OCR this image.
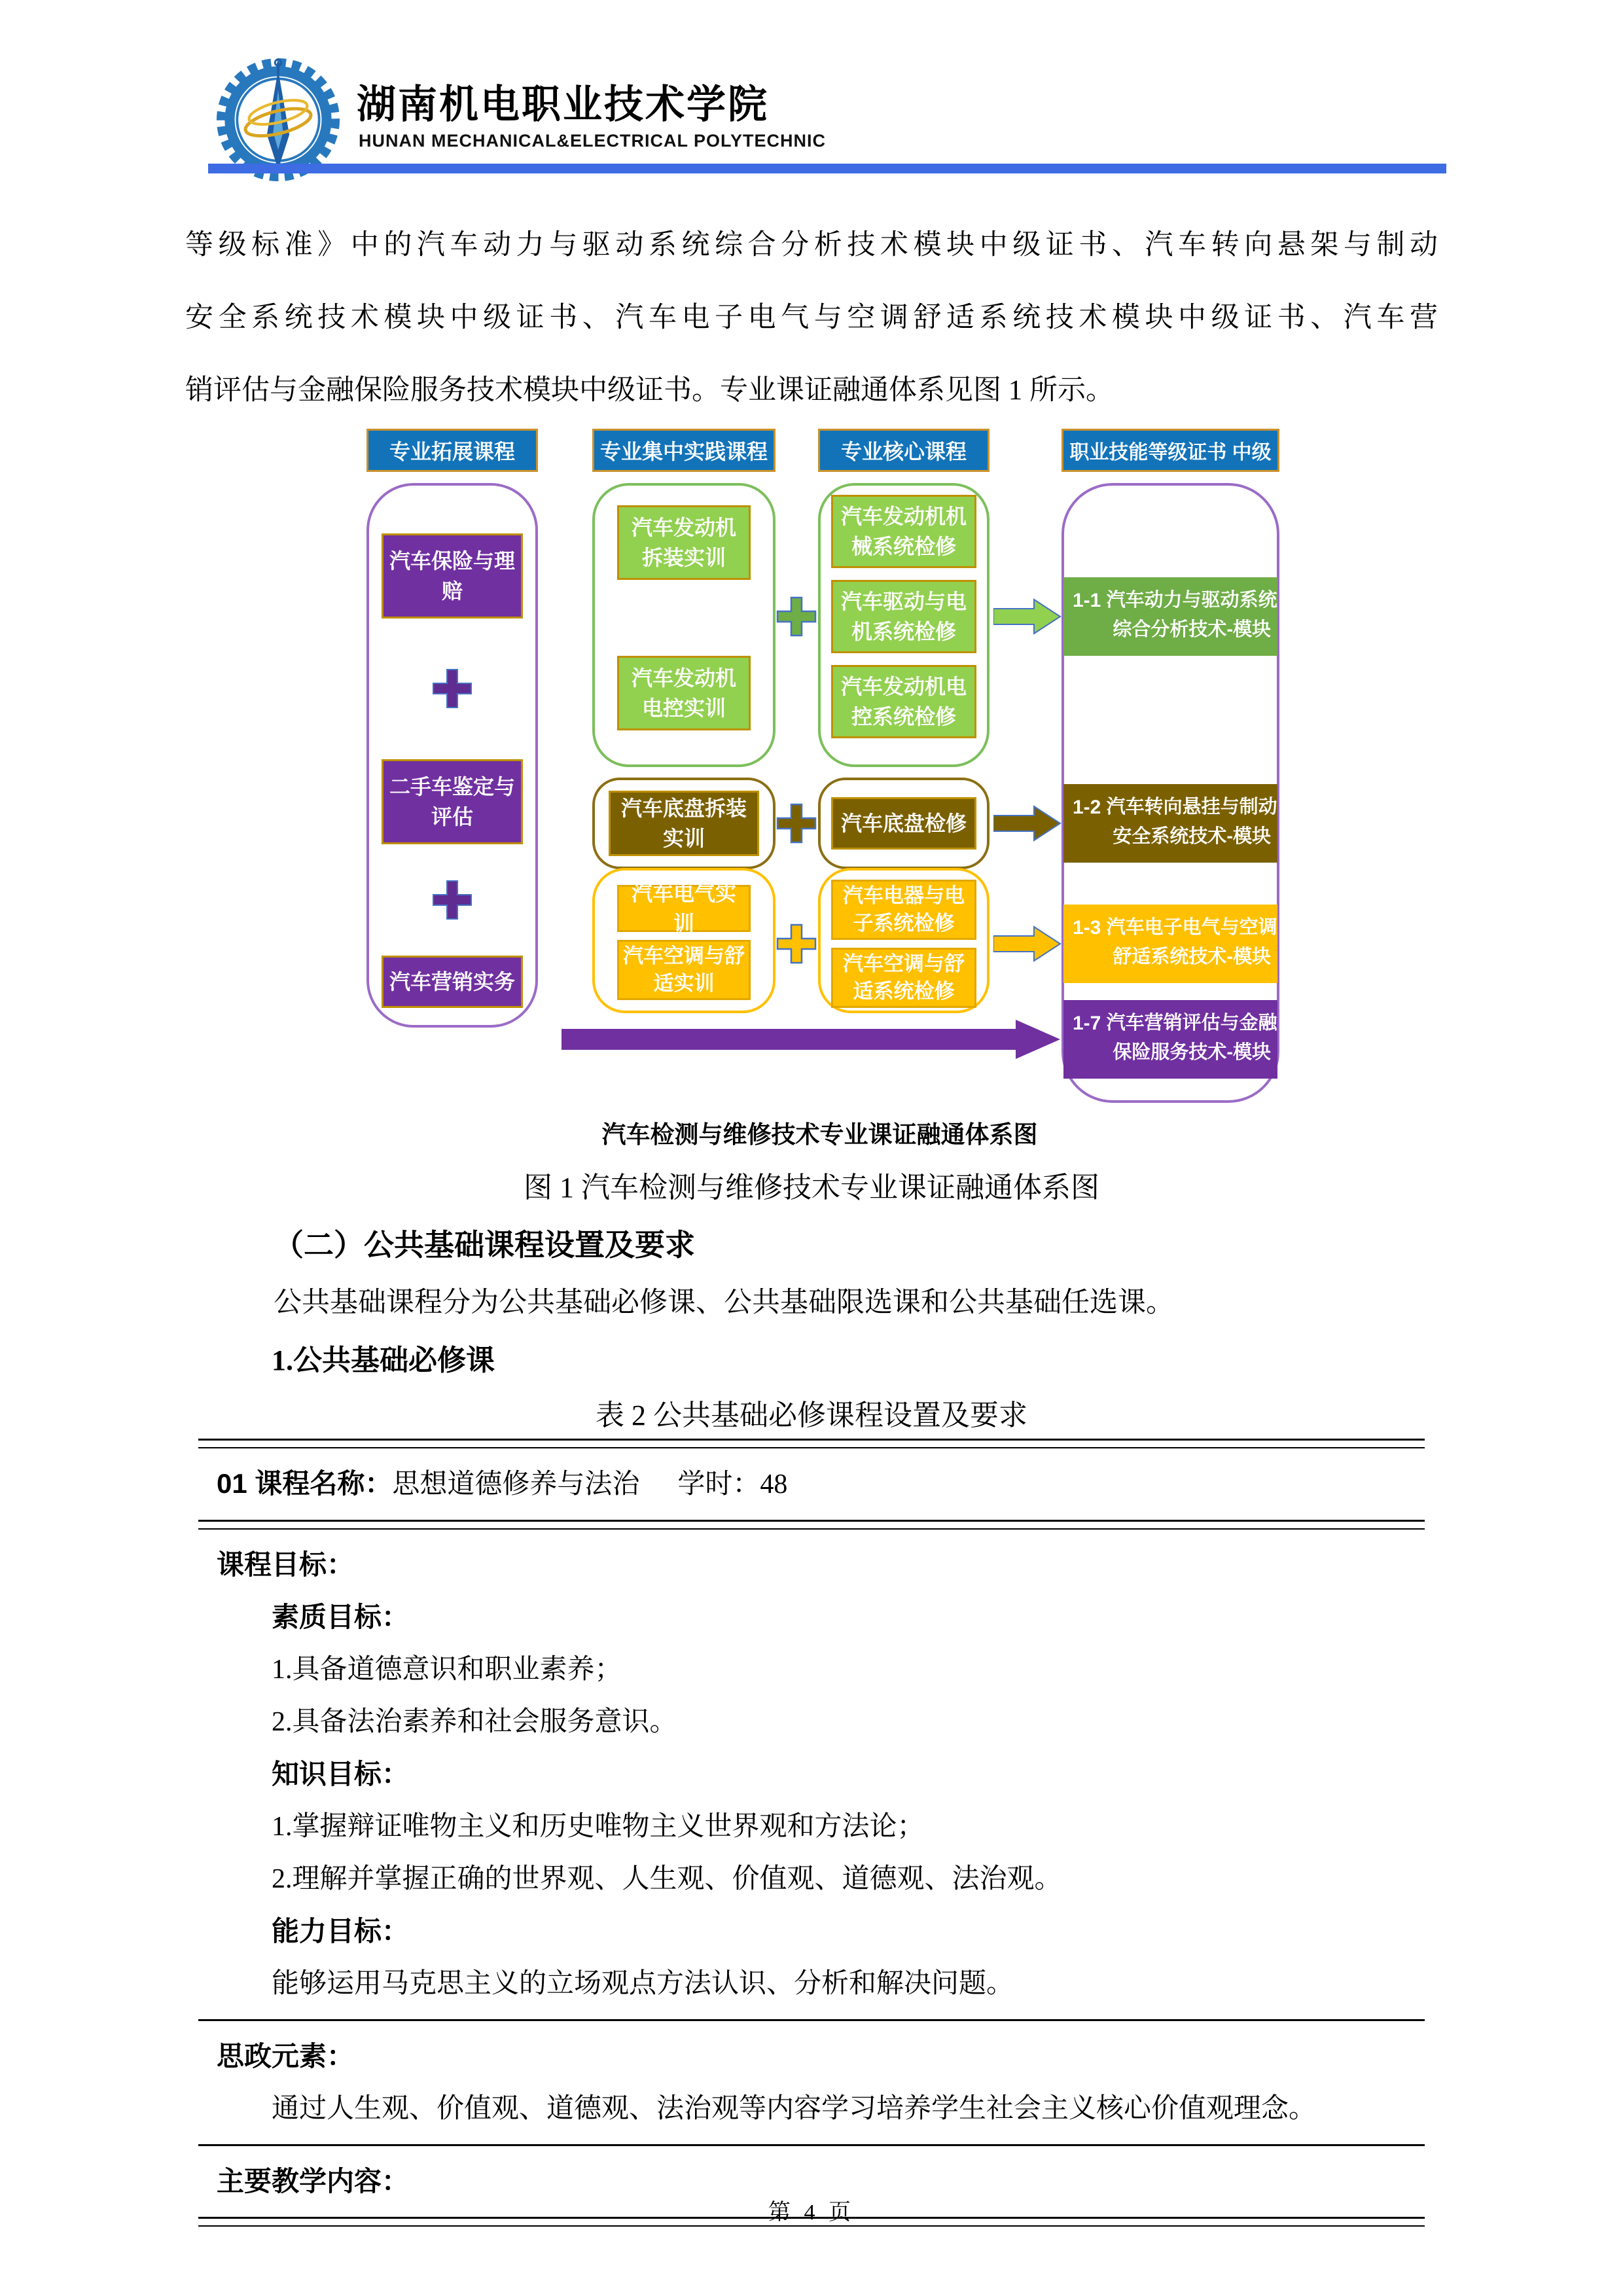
湖南机电职业技术学院
HUNAN MECHANICAL&ELECTRICAL POLYTECHNIC
等级标准》中的汽车动力与驱动系统综合分析技术模块中级证书、汽车转向悬架与制动
安全系统技术模块中级证书、汽车电子电气与空调舒适系统技术模块中级证书、汽车营
销评估与金融保险服务技术模块中级证书。专业课证融通体系见图 1 所示。
专业拓展课程	专业集中实践课程	专业核心课程	职业技能等级证书 中级
汽车保险与理赔
二手车鉴定与评估
汽车营销实务
汽车发动机拆装实训
汽车发动机电控实训
汽车底盘拆装实训
汽车电气实训
汽车空调与舒适实训
汽车发动机机械系统检修
汽车驱动与电机系统检修
汽车发动机电控系统检修
汽车底盘检修
汽车电器与电子系统检修
汽车空调与舒适系统检修
1-1 汽车动力与驱动系统综合分析技术-模块
1-2 汽车转向悬挂与制动安全系统技术-模块
1-3 汽车电子电气与空调舒适系统技术-模块
1-7 汽车营销评估与金融保险服务技术-模块
汽车检测与维修技术专业课证融通体系图
图 1 汽车检测与维修技术专业课证融通体系图
（二）公共基础课程设置及要求
公共基础课程分为公共基础必修课、公共基础限选课和公共基础任选课。
1.公共基础必修课
表 2 公共基础必修课程设置及要求
01 课程名称：思想道德修养与法治 学时：48
课程目标：
素质目标：
1.具备道德意识和职业素养；
2.具备法治素养和社会服务意识。
知识目标：
1.掌握辩证唯物主义和历史唯物主义世界观和方法论；
2.理解并掌握正确的世界观、人生观、价值观、道德观、法治观。
能力目标：
能够运用马克思主义的立场观点方法认识、分析和解决问题。
思政元素：
通过人生观、价值观、道德观、法治观等内容学习培养学生社会主义核心价值观理念。
主要教学内容：
第 4 页
